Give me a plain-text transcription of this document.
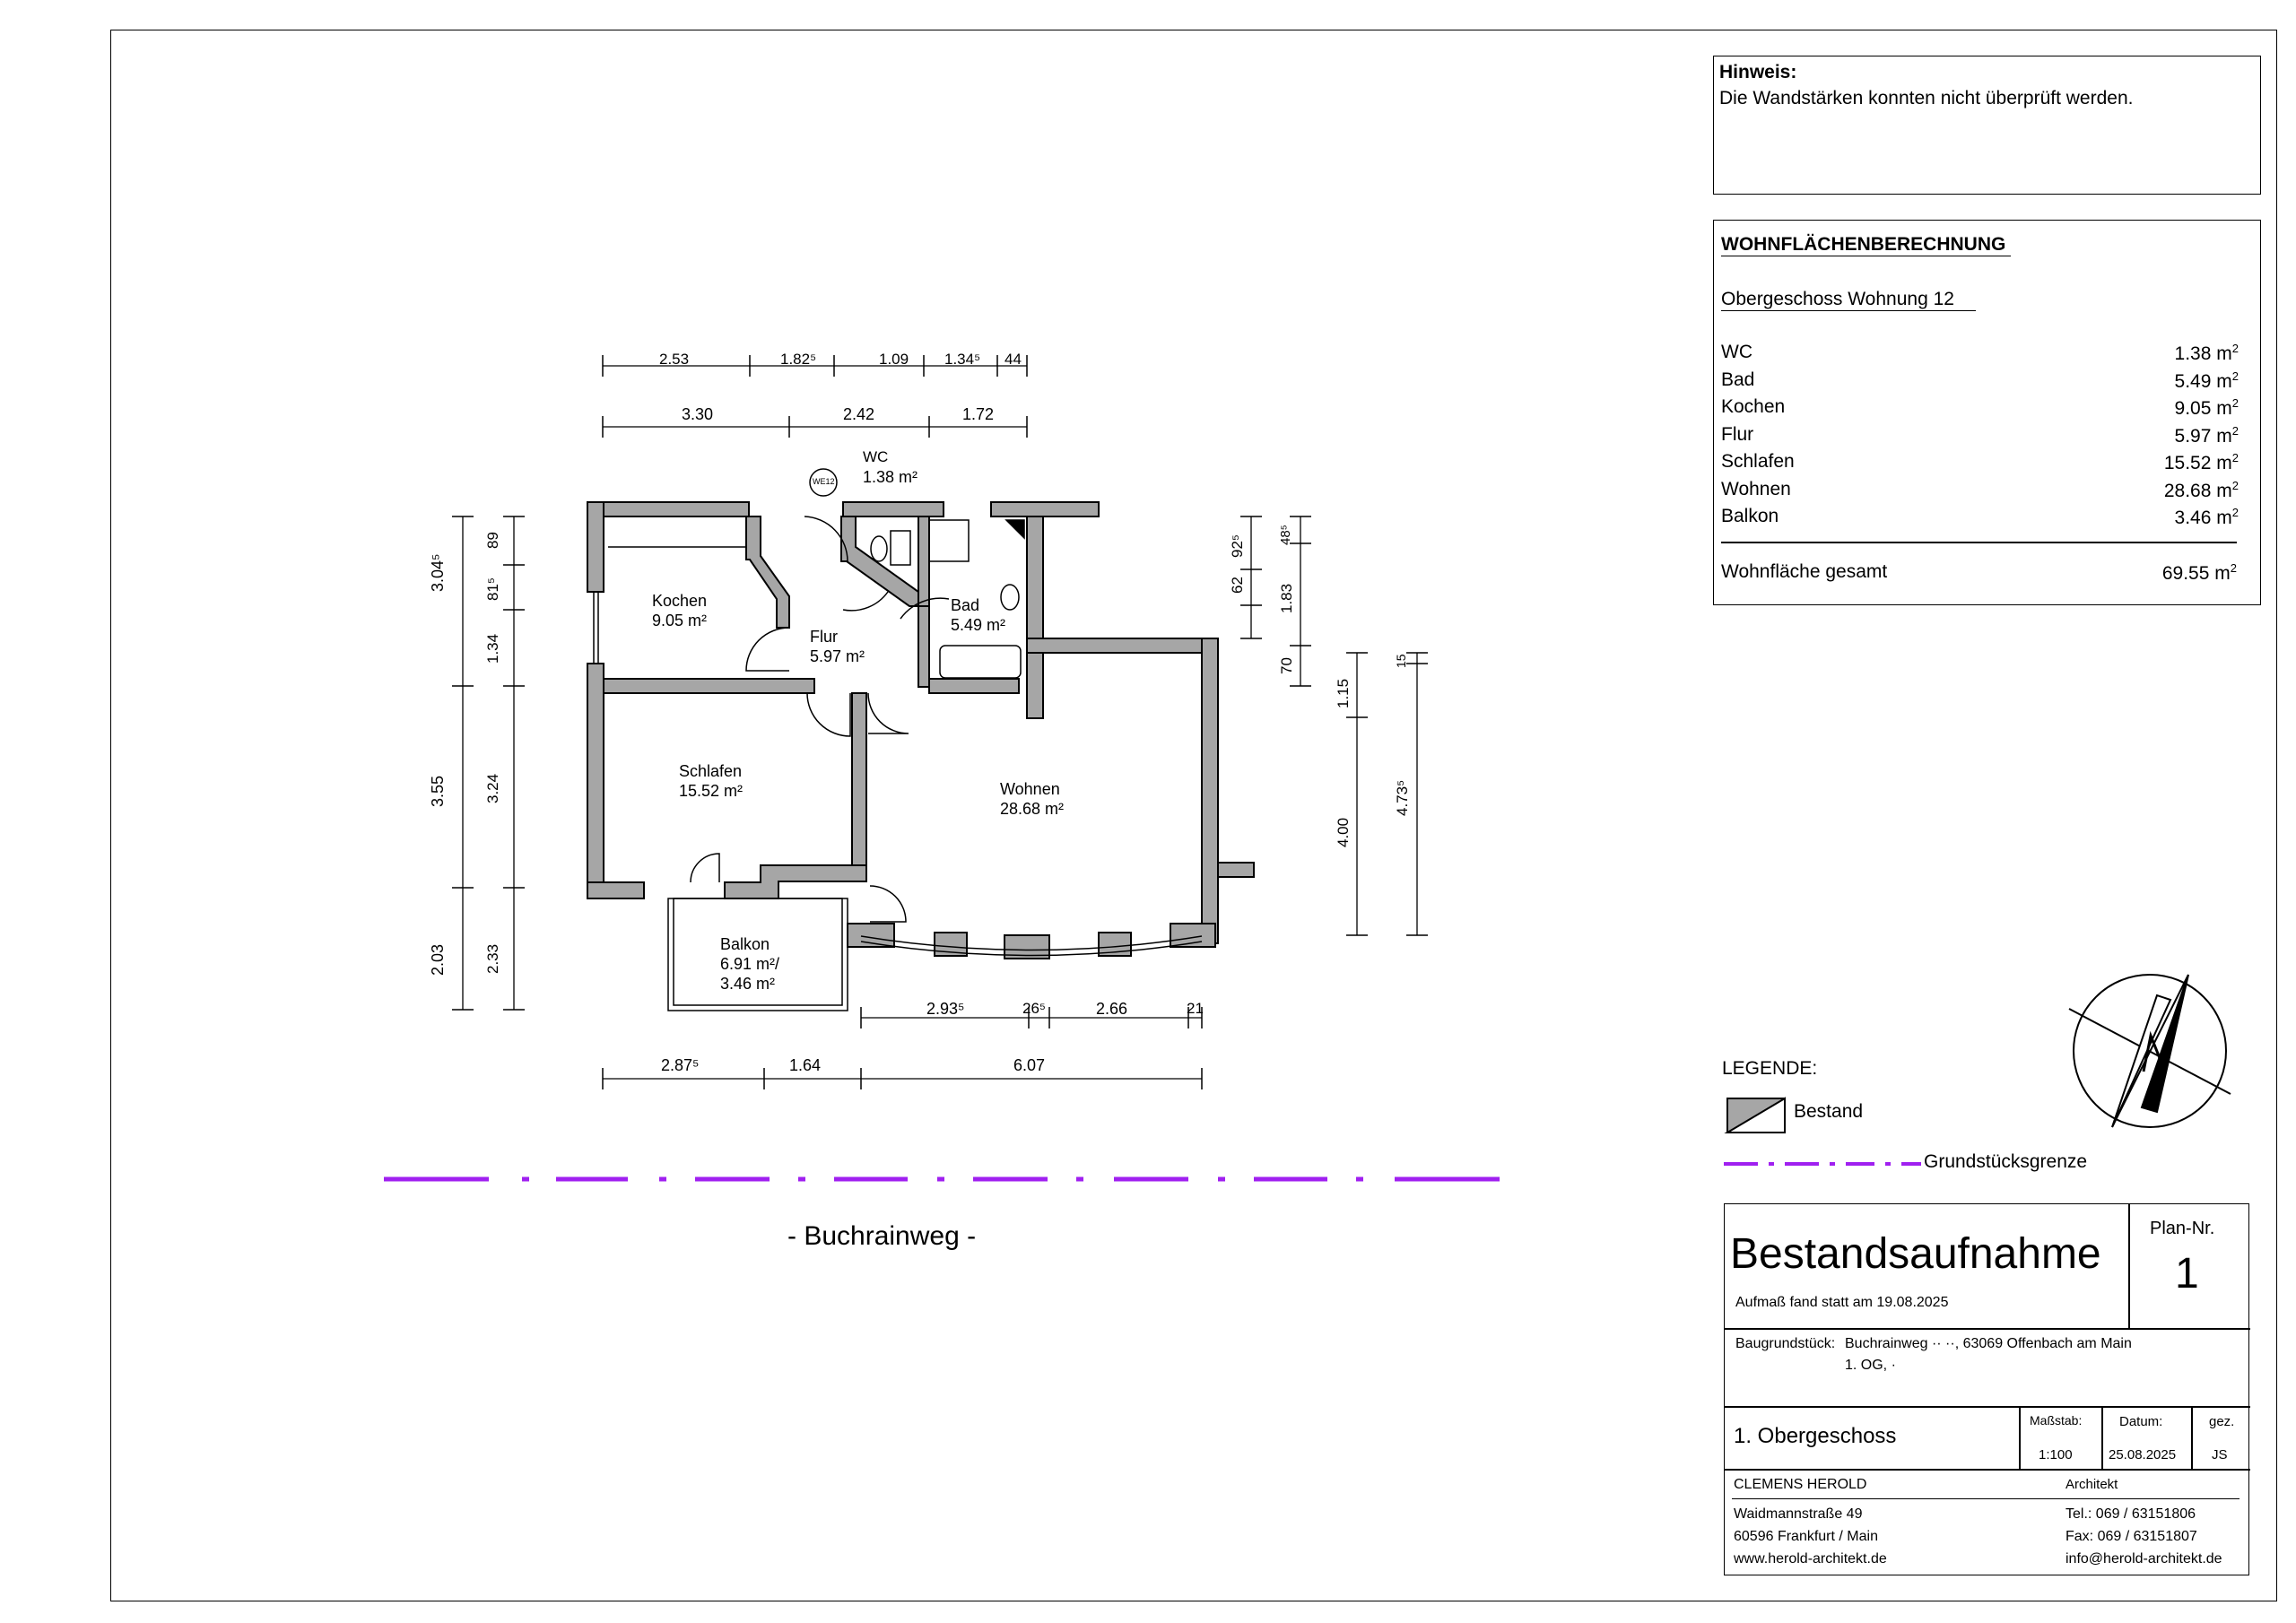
2.53	1.82⁵	1.09 1.34⁵ 44
3.30	2.42	1.72
2.93⁵	26⁵	2.66	21
2.87⁵	1.64	6.07
3.04⁵
3.55
2.03
89
81⁵
1.34
3.24
2.33
92⁵
62
48⁵
1.83
70
1.15
4.00
15
4.73⁵
WE12
WC
1.38 m²
Kochen
9.05 m²
Flur
5.97 m²
Bad
5.49 m²
Schlafen
15.52 m²	Wohnen
28.68 m²
Balkon
6.91 m²/
3.46 m²
- Buchrainweg -
Hinweis:
Die Wandstärken konnten nicht überprüft werden.
WOHNFLÄCHENBERECHNUNG
Obergeschoss Wohnung 12
WC	1.38 $m^2$
Bad	5.49 $m^2$
Kochen	9.05 $m^2$
Flur	5.97 $m^2$
Schlafen	15.52 $m^2$
Wohnen	28.68 $m^2$
Balkon	3.46 $m^2$
Wohnfläche gesamt	69.55 $m^2$
LEGENDE:
Bestand
Grundstücksgrenze
Bestandsaufnahme
Aufmaß fand statt am 19.08.2025
Plan-Nr.
1
Baugrundstück: Buchrainweg ·· ··, 63069 Offenbach am Main
1. OG, ·
1. Obergeschoss
Maßstab:
1:100
Datum:
25.08.2025
gez.
JS
CLEMENS HEROLD	Architekt
Waidmannstraße 49
60596 Frankfurt / Main
www.herold-architekt.de
Tel.: 069 / 63151806
Fax: 069 / 63151807
info@herold-architekt.de
